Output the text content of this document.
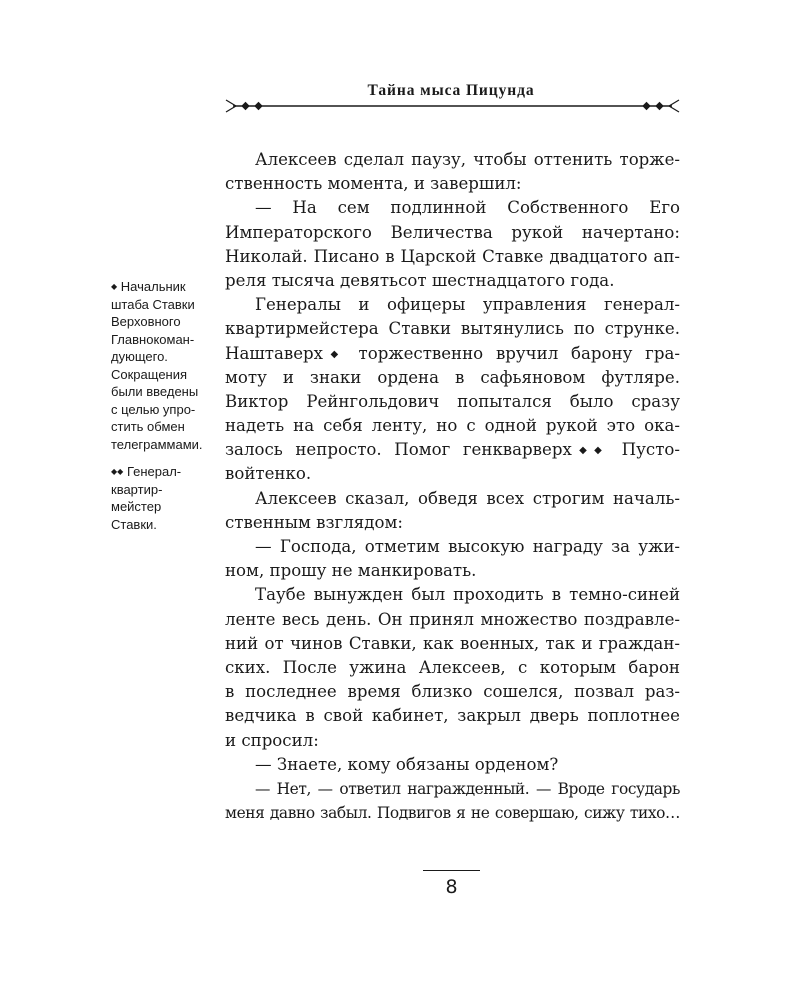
Тайна мыса Пицунда
◆ Начальник
штаба Ставки
Верховного
Главнокоман-
дующего.
Сокращения
были введены
с целью упро-
стить обмен
телеграммами.
◆◆ Генерал-
квартир-
мейстер
Ставки.
Алексеев сделал паузу, чтобы оттенить торже-
ственность момента, и завершил:
— На сем подлинной Собственного Его
Императорского Величества рукой начертано:
Николай. Писано в Царской Ставке двадцатого ап-
реля тысяча девятьсот шестнадцатого года.
Генералы и офицеры управления генерал-
квартирмейстера Ставки вытянулись по струнке.
Наштаверх◆ торжественно вручил барону гра-
моту и знаки ордена в сафьяновом футляре.
Виктор Рейнгольдович попытался было сразу
надеть на себя ленту, но с одной рукой это ока-
залось непросто. Помог генкварверх◆◆ Пусто-
войтенко.
Алексеев сказал, обведя всех строгим началь-
ственным взглядом:
— Господа, отметим высокую награду за ужи-
ном, прошу не манкировать.
Таубе вынужден был проходить в темно-синей
ленте весь день. Он принял множество поздравле-
ний от чинов Ставки, как военных, так и граждан-
ских. После ужина Алексеев, с которым барон
в последнее время близко сошелся, позвал раз-
ведчика в свой кабинет, закрыл дверь поплотнее
и спросил:
— Знаете, кому обязаны орденом?
— Нет, — ответил награжденный. — Вроде государь
меня давно забыл. Подвигов я не совершаю, сижу тихо…
8
